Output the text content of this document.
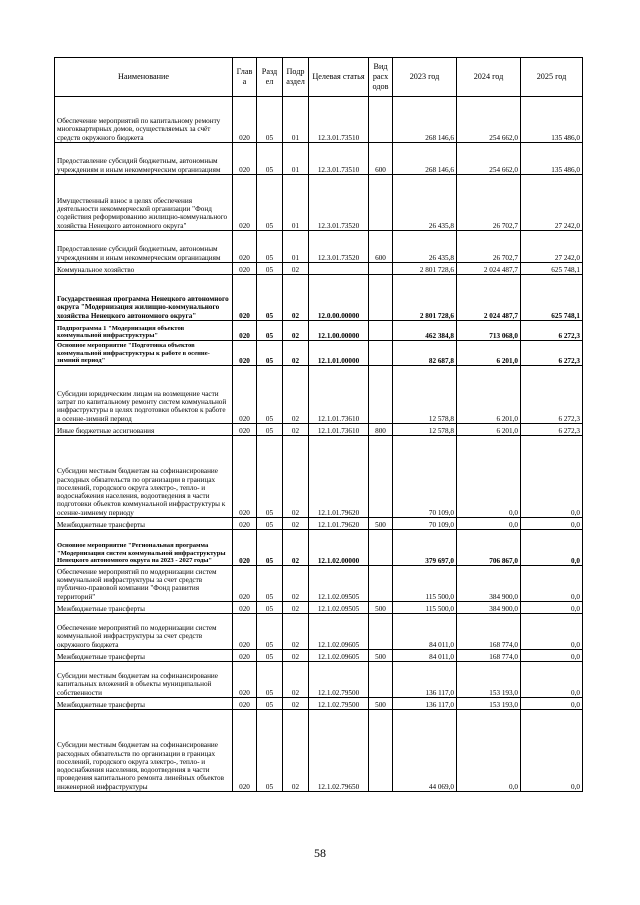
Наименование	Глав а	Разд ел	Подр аздел	Целевая статья	Вид расх одов	2023 год	2024 год	2025 год
Обеспечение мероприятий по капитальному ремонту многоквартирных домов, осуществляемых за счёт средств окружного бюджета	020	05	01	12.3.01.73510		268 146,6	254 662,0	135 486,0
Предоставление субсидий бюджетным, автономным учреждениям и иным некоммерческим организациям	020	05	01	12.3.01.73510	600	268 146,6	254 662,0	135 486,0
Имущественный взнос в целях обеспечения деятельности некоммерческой организации "Фонд содействия реформированию жилищно-коммунального хозяйства Ненецкого автономного округа"	020	05	01	12.3.01.73520		26 435,8	26 702,7	27 242,0
Предоставление субсидий бюджетным, автономным учреждениям и иным некоммерческим организациям	020	05	01	12.3.01.73520	600	26 435,8	26 702,7	27 242,0
Коммунальное хозяйство	020	05	02			2 801 728,6	2 024 487,7	625 748,1
Государственная программа Ненецкого автономного округа "Модернизация жилищно-коммунального хозяйства Ненецкого автономного округа"	020	05	02	12.0.00.00000		2 801 728,6	2 024 487,7	625 748,1
Подпрограмма 1 "Модернизация объектов коммунальной инфраструктуры"	020	05	02	12.1.00.00000		462 384,8	713 068,0	6 272,3
Основное мероприятие "Подготовка объектов коммунальной инфраструктуры к работе в осенне-зимний период"	020	05	02	12.1.01.00000		82 687,8	6 201,0	6 272,3
Субсидии юридическим лицам на возмещение части затрат по капитальному ремонту систем коммунальной инфраструктуры в целях подготовки объектов к работе в осенне-зимний период	020	05	02	12.1.01.73610		12 578,8	6 201,0	6 272,3
Иные бюджетные ассигнования	020	05	02	12.1.01.73610	800	12 578,8	6 201,0	6 272,3
Субсидии местным бюджетам на софинансирование расходных обязательств по организации в границах поселений, городского округа электро-, тепло- и водоснабжения населения, водоотведения в части подготовки объектов коммунальной инфраструктуры к осенне-зимнему периоду	020	05	02	12.1.01.79620		70 109,0	0,0	0,0
Межбюджетные трансферты	020	05	02	12.1.01.79620	500	70 109,0	0,0	0,0
Основное мероприятие "Региональная программа "Модернизация систем коммунальной инфраструктуры Ненецкого автономного округа на 2023 - 2027 годы"	020	05	02	12.1.02.00000		379 697,0	706 867,0	0,0
Обеспечение мероприятий по модернизации систем коммунальной инфраструктуры за счет средств публично-правовой компании "Фонд развития территорий"	020	05	02	12.1.02.09505		115 500,0	384 900,0	0,0
Межбюджетные трансферты	020	05	02	12.1.02.09505	500	115 500,0	384 900,0	0,0
Обеспечение мероприятий по модернизации систем коммунальной инфраструктуры за счет средств окружного бюджета	020	05	02	12.1.02.09605		84 011,0	168 774,0	0,0
Межбюджетные трансферты	020	05	02	12.1.02.09605	500	84 011,0	168 774,0	0,0
Субсидии местным бюджетам на софинансирование капитальных вложений в объекты муниципальной собственности	020	05	02	12.1.02.79500		136 117,0	153 193,0	0,0
Межбюджетные трансферты	020	05	02	12.1.02.79500	500	136 117,0	153 193,0	0,0
Субсидии местным бюджетам на софинансирование расходных обязательств по организации в границах поселений, городского округа электро-, тепло- и водоснабжения населения, водоотведения в части проведения капитального ремонта линейных объектов инженерной инфраструктуры	020	05	02	12.1.02.79650		44 069,0	0,0	0,0
58
